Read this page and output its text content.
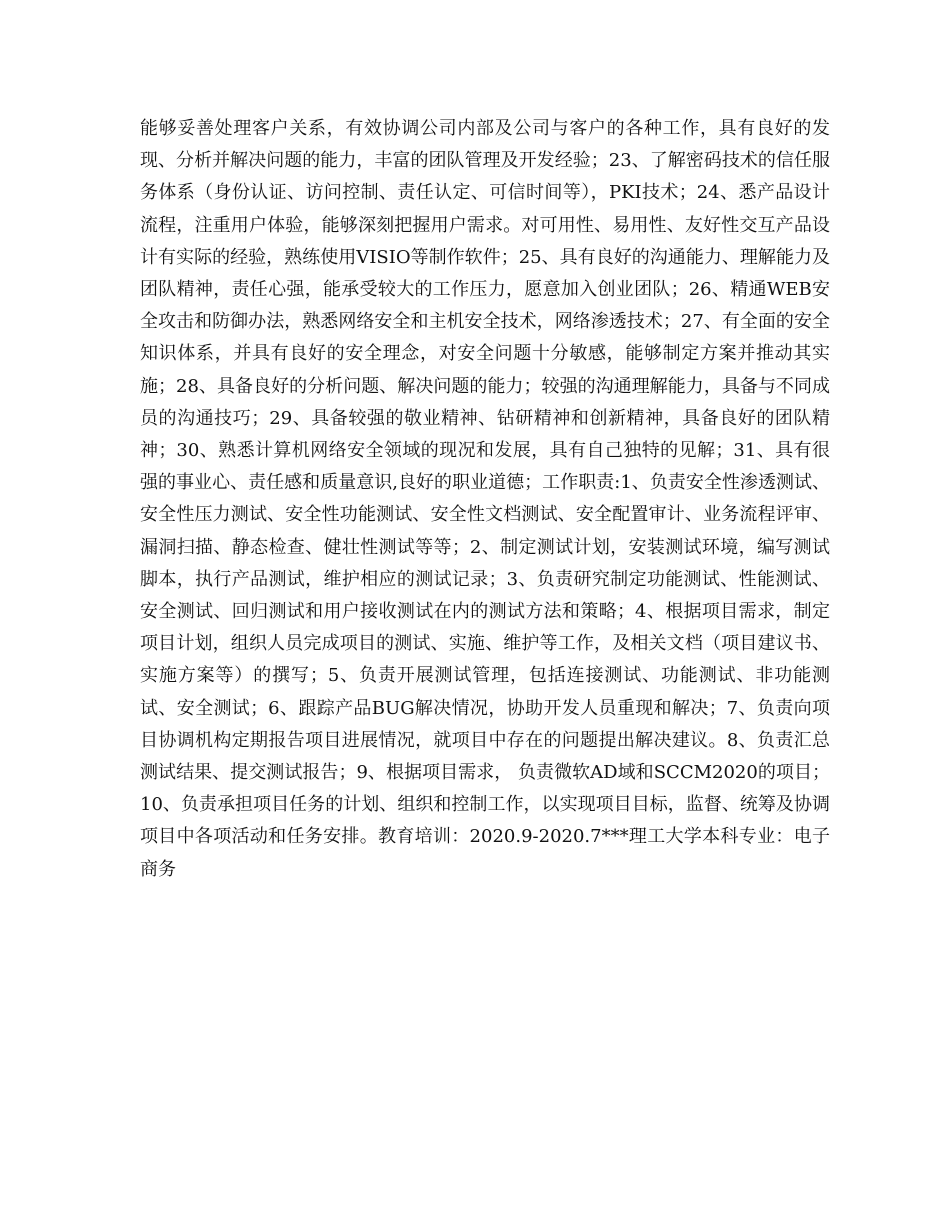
能够妥善处理客户关系，有效协调公司内部及公司与客户的各种工作，具有良好的发现、分析并解决问题的能力，丰富的团队管理及开发经验；23、了解密码技术的信任服务体系（身份认证、访问控制、责任认定、可信时间等），PKI技术；24、悉产品设计流程，注重用户体验，能够深刻把握用户需求。对可用性、易用性、友好性交互产品设计有实际的经验，熟练使用VISIO等制作软件；25、具有良好的沟通能力、理解能力及团队精神，责任心强，能承受较大的工作压力，愿意加入创业团队；26、精通WEB安全攻击和防御办法，熟悉网络安全和主机安全技术，网络渗透技术；27、有全面的安全知识体系，并具有良好的安全理念，对安全问题十分敏感，能够制定方案并推动其实施；28、具备良好的分析问题、解决问题的能力；较强的沟通理解能力，具备与不同成员的沟通技巧；29、具备较强的敬业精神、钻研精神和创新精神，具备良好的团队精神；30、熟悉计算机网络安全领域的现况和发展，具有自己独特的见解；31、具有很强的事业心、责任感和质量意识,良好的职业道德；工作职责:1、负责安全性渗透测试、安全性压力测试、安全性功能测试、安全性文档测试、安全配置审计、业务流程评审、漏洞扫描、静态检查、健壮性测试等等；2、制定测试计划，安装测试环境，编写测试脚本，执行产品测试，维护相应的测试记录；3、负责研究制定功能测试、性能测试、安全测试、回归测试和用户接收测试在内的测试方法和策略；4、根据项目需求，制定项目计划，组织人员完成项目的测试、实施、维护等工作，及相关文档（项目建议书、实施方案等）的撰写；5、负责开展测试管理，包括连接测试、功能测试、非功能测试、安全测试；6、跟踪产品BUG解决情况，协助开发人员重现和解决；7、负责向项目协调机构定期报告项目进展情况，就项目中存在的问题提出解决建议。8、负责汇总测试结果、提交测试报告；9、根据项目需求， 负责微软AD域和SCCM2020的项目；10、负责承担项目任务的计划、组织和控制工作，以实现项目目标，监督、统筹及协调项目中各项活动和任务安排。教育培训：2020.9-2020.7***理工大学本科专业：电子商务
